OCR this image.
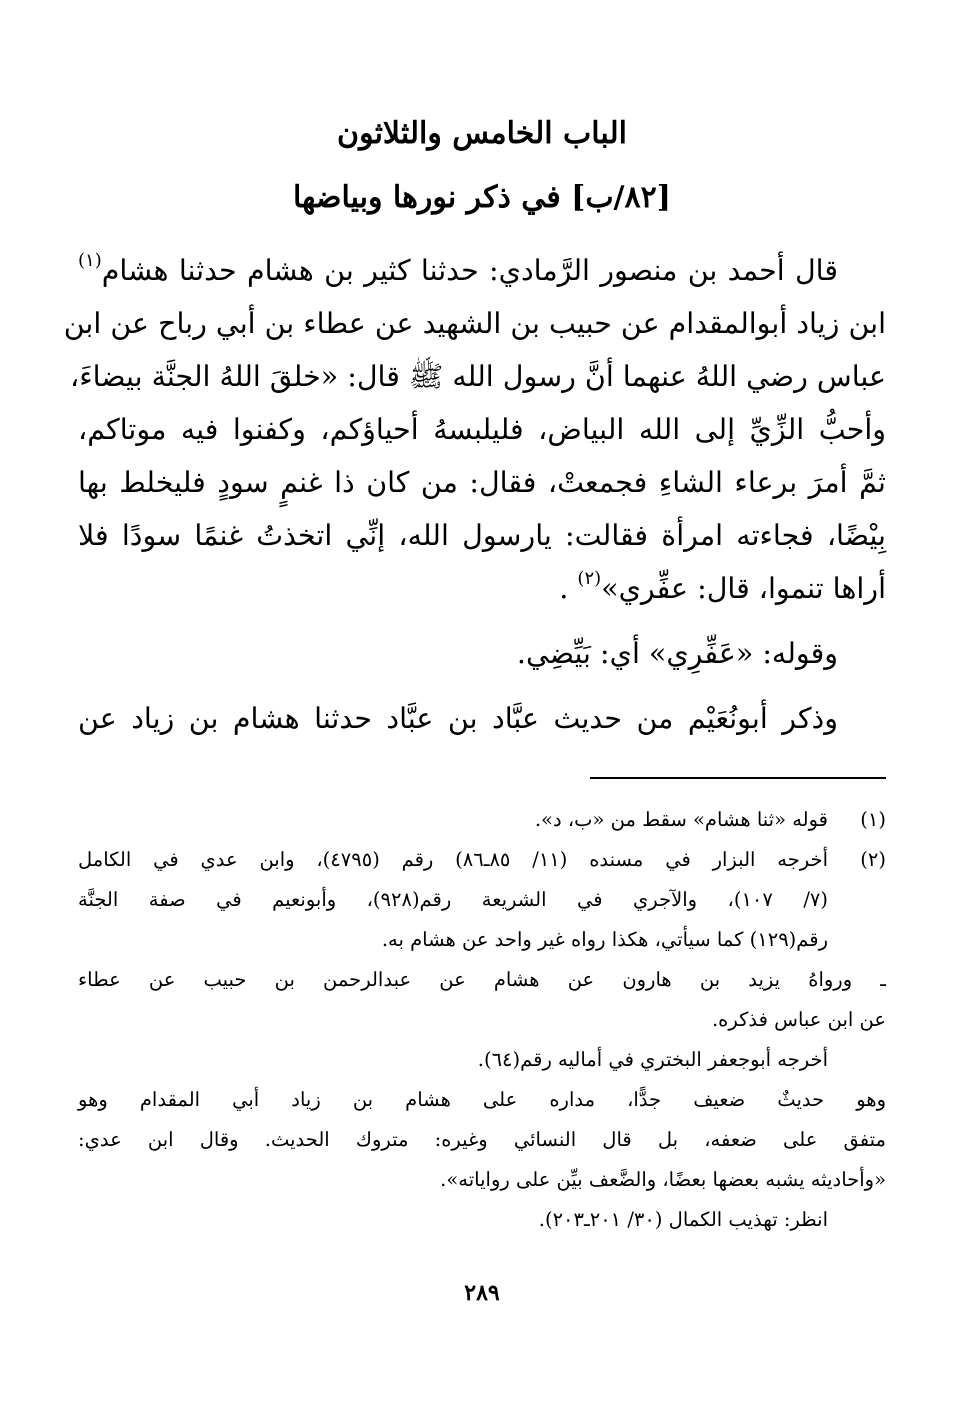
الباب الخامس والثلاثون
[٨٢/ب] في ذكر نورها وبياضها
قال أحمد بن منصور الرَّمادي: حدثنا كثير بن هشام حدثنا هشام$^{(١)}$
ابن زياد أبوالمقدام عن حبيب بن الشهيد عن عطاء بن أبي رباح عن ابن
عباس رضي اللهُ عنهما أنَّ رسول الله ﷺ قال: «خلقَ اللهُ الجنَّة بيضاءَ،
وأحبُّ الزِّيِّ إلى الله البياض، فليلبسهُ أحياؤكم، وكفنوا فيه موتاكم،
ثمَّ أمرَ برعاء الشاءِ فجمعتْ، فقال: من كان ذا غنمٍ سودٍ فليخلط بها
بِيْضًا، فجاءته امرأة فقالت: يارسول الله، إنِّي اتخذتُ غنمًا سودًا فلا
أراها تنموا، قال: عفِّري»$^{(٢)}$ .
وقوله: «عَفِّرِي» أي: بَيِّضِي.
وذكر أبونُعَيْم من حديث عبَّاد بن عبَّاد حدثنا هشام بن زياد عن
(١)
قوله «ثنا هشام» سقط من «ب، د».
(٢)
أخرجه البزار في مسنده (١١/ ٨٥ـ٨٦) رقم (٤٧٩٥)، وابن عدي في الكامل
(٧/ ١٠٧)، والآجري في الشريعة رقم(٩٢٨)، وأبونعيم في صفة الجنَّة
رقم(١٢٩) كما سيأتي، هكذا رواه غير واحد عن هشام به.
ـ ورواهُ يزيد بن هارون عن هشام عن عبدالرحمن بن حبيب عن عطاء
عن ابن عباس فذكره.
أخرجه أبوجعفر البختري في أماليه رقم(٦٤).
وهو حديثٌ ضعيف جدًّا، مداره على هشام بن زياد أبي المقدام وهو
متفق على ضعفه، بل قال النسائي وغيره: متروك الحديث. وقال ابن عدي:
«وأحاديثه يشبه بعضها بعضًا، والضَّعف بيِّن على رواياته».
انظر: تهذيب الكمال (٣٠/ ٢٠١ـ٢٠٣).
٢٨٩
